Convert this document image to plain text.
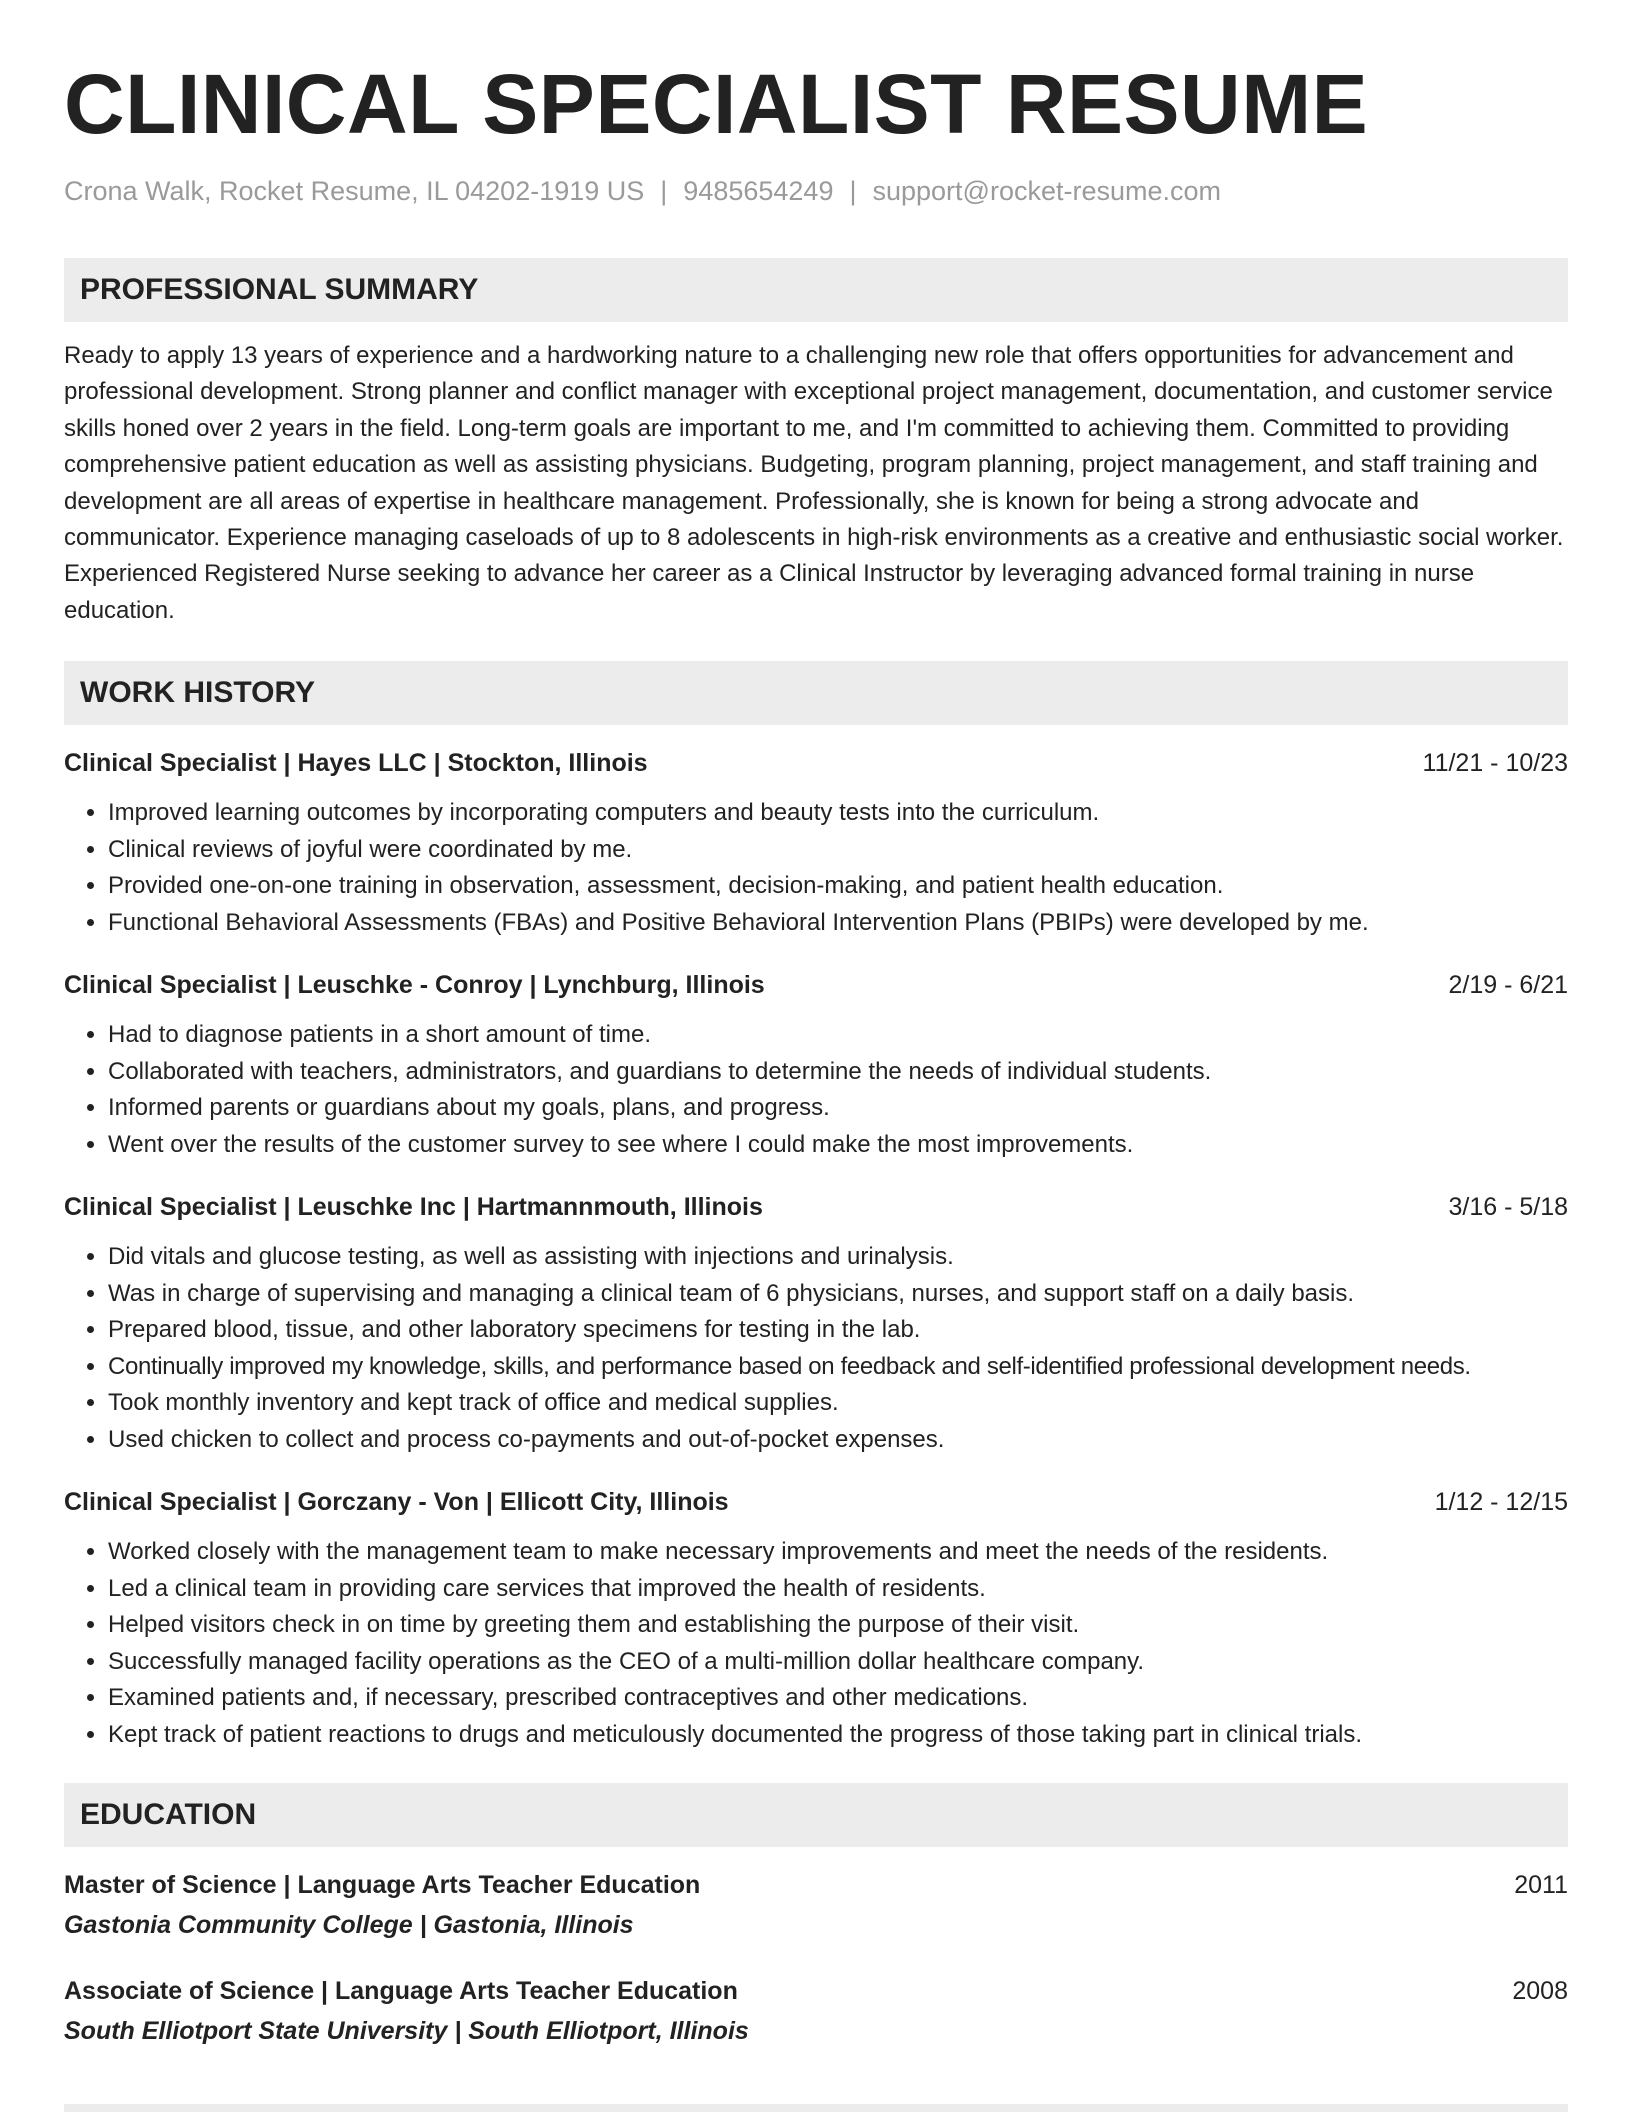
CLINICAL SPECIALIST RESUME
Crona Walk, Rocket Resume, IL 04202-1919 US | 9485654249 | support@rocket-resume.com
PROFESSIONAL SUMMARY
Ready to apply 13 years of experience and a hardworking nature to a challenging new role that offers opportunities for advancement and professional development. Strong planner and conflict manager with exceptional project management, documentation, and customer service skills honed over 2 years in the field. Long-term goals are important to me, and I'm committed to achieving them. Committed to providing comprehensive patient education as well as assisting physicians. Budgeting, program planning, project management, and staff training and development are all areas of expertise in healthcare management. Professionally, she is known for being a strong advocate and communicator. Experience managing caseloads of up to 8 adolescents in high-risk environments as a creative and enthusiastic social worker. Experienced Registered Nurse seeking to advance her career as a Clinical Instructor by leveraging advanced formal training in nurse education.
WORK HISTORY
Clinical Specialist | Hayes LLC | Stockton, Illinois	11/21 - 10/23
• Improved learning outcomes by incorporating computers and beauty tests into the curriculum.
• Clinical reviews of joyful were coordinated by me.
• Provided one-on-one training in observation, assessment, decision-making, and patient health education.
• Functional Behavioral Assessments (FBAs) and Positive Behavioral Intervention Plans (PBIPs) were developed by me.
Clinical Specialist | Leuschke - Conroy | Lynchburg, Illinois	2/19 - 6/21
• Had to diagnose patients in a short amount of time.
• Collaborated with teachers, administrators, and guardians to determine the needs of individual students.
• Informed parents or guardians about my goals, plans, and progress.
• Went over the results of the customer survey to see where I could make the most improvements.
Clinical Specialist | Leuschke Inc | Hartmannmouth, Illinois	3/16 - 5/18
• Did vitals and glucose testing, as well as assisting with injections and urinalysis.
• Was in charge of supervising and managing a clinical team of 6 physicians, nurses, and support staff on a daily basis.
• Prepared blood, tissue, and other laboratory specimens for testing in the lab.
• Continually improved my knowledge, skills, and performance based on feedback and self-identified professional development needs.
• Took monthly inventory and kept track of office and medical supplies.
• Used chicken to collect and process co-payments and out-of-pocket expenses.
Clinical Specialist | Gorczany - Von | Ellicott City, Illinois	1/12 - 12/15
• Worked closely with the management team to make necessary improvements and meet the needs of the residents.
• Led a clinical team in providing care services that improved the health of residents.
• Helped visitors check in on time by greeting them and establishing the purpose of their visit.
• Successfully managed facility operations as the CEO of a multi-million dollar healthcare company.
• Examined patients and, if necessary, prescribed contraceptives and other medications.
• Kept track of patient reactions to drugs and meticulously documented the progress of those taking part in clinical trials.
EDUCATION
Master of Science | Language Arts Teacher Education	2011
Gastonia Community College | Gastonia, Illinois
Associate of Science | Language Arts Teacher Education	2008
South Elliotport State University | South Elliotport, Illinois
